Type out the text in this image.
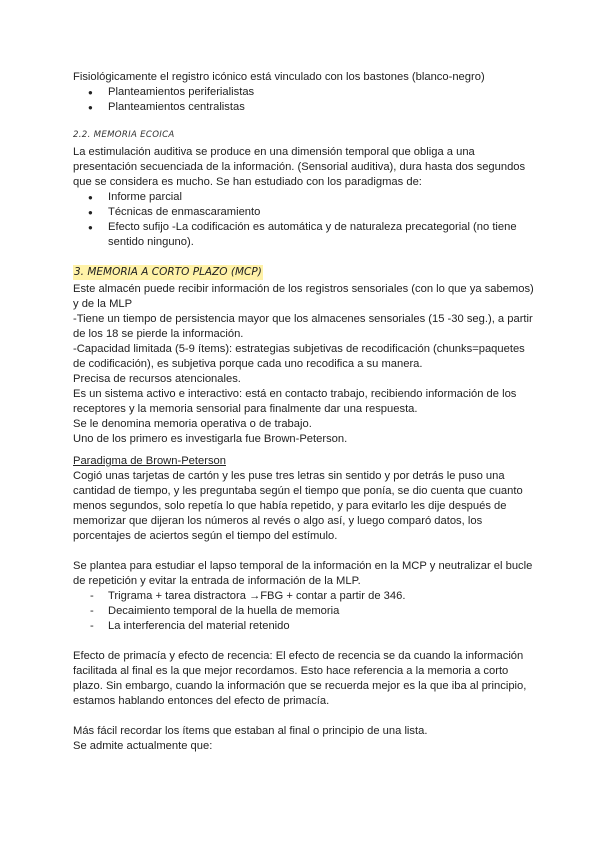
Fisiológicamente el registro icónico está vinculado con los bastones (blanco-negro)

● Planteamientos periferialistas
● Planteamientos centralistas
2.2. MEMORIA ECOICA

La estimulación auditiva se produce en una dimensión temporal que obliga a una presentación secuenciada de la información. (Sensorial auditiva), dura hasta dos segundos que se considera es mucho. Se han estudiado con los paradigmas de:

● Informe parcial
● Técnicas de enmascaramiento
● Efecto sufijo -La codificación es automática y de naturaleza precategorial (no tiene sentido ninguno).
3. MEMORIA A CORTO PLAZO (MCP)

Este almacén puede recibir información de los registros sensoriales (con lo que ya sabemos) y de la MLP

-Tiene un tiempo de persistencia mayor que los almacenes sensoriales (15 -30 seg.), a partir de los 18 se pierde la información.

-Capacidad limitada (5-9 ítems): estrategias subjetivas de recodificación (chunks=paquetes de codificación), es subjetiva porque cada uno recodifica a su manera.

Precisa de recursos atencionales.

Es un sistema activo e interactivo: está en contacto trabajo, recibiendo información de los receptores y la memoria sensorial para finalmente dar una respuesta.

Se le denomina memoria operativa o de trabajo.

Uno de los primero es investigarla fue Brown-Peterson.

Paradigma de Brown-Peterson

Cogió unas tarjetas de cartón y les puse tres letras sin sentido y por detrás le puso una cantidad de tiempo, y les preguntaba según el tiempo que ponía, se dio cuenta que cuanto menos segundos, solo repetía lo que había repetido, y para evitarlo les dije después de memorizar que dijeran los números al revés o algo así, y luego comparó datos, los porcentajes de aciertos según el tiempo del estímulo.

Se plantea para estudiar el lapso temporal de la información en la MCP y neutralizar el bucle de repetición y evitar la entrada de información de la MLP.

- Trigrama + tarea distractora →FBG + contar a partir de 346.
- Decaimiento temporal de la huella de memoria
- La interferencia del material retenido

Efecto de primacía y efecto de recencia: El efecto de recencia se da cuando la información facilitada al final es la que mejor recordamos. Esto hace referencia a la memoria a corto plazo. Sin embargo, cuando la información que se recuerda mejor es la que iba al principio, estamos hablando entonces del efecto de primacía.

Más fácil recordar los ítems que estaban al final o principio de una lista.

Se admite actualmente que:
